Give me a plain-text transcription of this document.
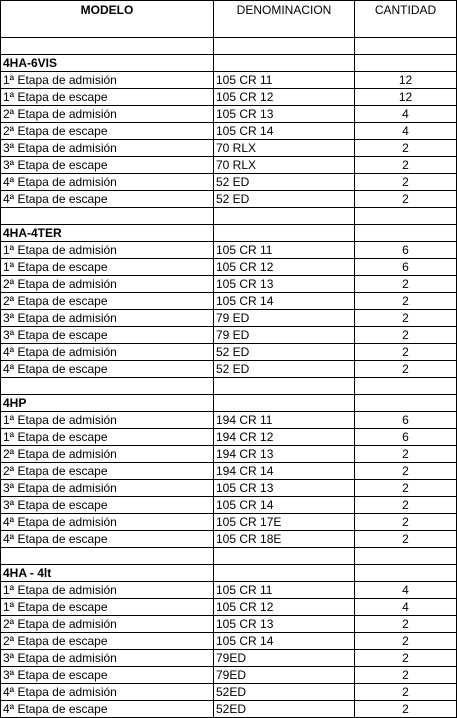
MODELO	DENOMINACION	CANTIDAD

4HA-6VIS		
1ª Etapa de admisión	105 CR 11	12
1ª Etapa de escape	105 CR 12	12
2ª Etapa de admisión	105 CR 13	4
2ª Etapa de escape	105 CR 14	4
3ª Etapa de admisión	70 RLX	2
3ª Etapa de escape	70 RLX	2
4ª Etapa de admisión	52 ED	2
4ª Etapa de escape	52 ED	2

4HA-4TER		
1ª Etapa de admisión	105 CR 11	6
1ª Etapa de escape	105 CR 12	6
2ª Etapa de admisión	105 CR 13	2
2ª Etapa de escape	105 CR 14	2
3ª Etapa de admisión	79 ED	2
3ª Etapa de escape	79 ED	2
4ª Etapa de admisión	52 ED	2
4ª Etapa de escape	52 ED	2

4HP		
1ª Etapa de admisión	194 CR 11	6
1ª Etapa de escape	194 CR 12	6
2ª Etapa de admisión	194 CR 13	2
2ª Etapa de escape	194 CR 14	2
3ª Etapa de admisión	105 CR 13	2
3ª Etapa de escape	105 CR 14	2
4ª Etapa de admisión	105 CR 17E	2
4ª Etapa de escape	105 CR 18E	2

4HA - 4lt		
1ª Etapa de admisión	105 CR 11	4
1ª Etapa de escape	105 CR 12	4
2ª Etapa de admisión	105 CR 13	2
2ª Etapa de escape	105 CR 14	2
3ª Etapa de admisión	79ED	2
3ª Etapa de escape	79ED	2
4ª Etapa de admisión	52ED	2
4ª Etapa de escape	52ED	2
